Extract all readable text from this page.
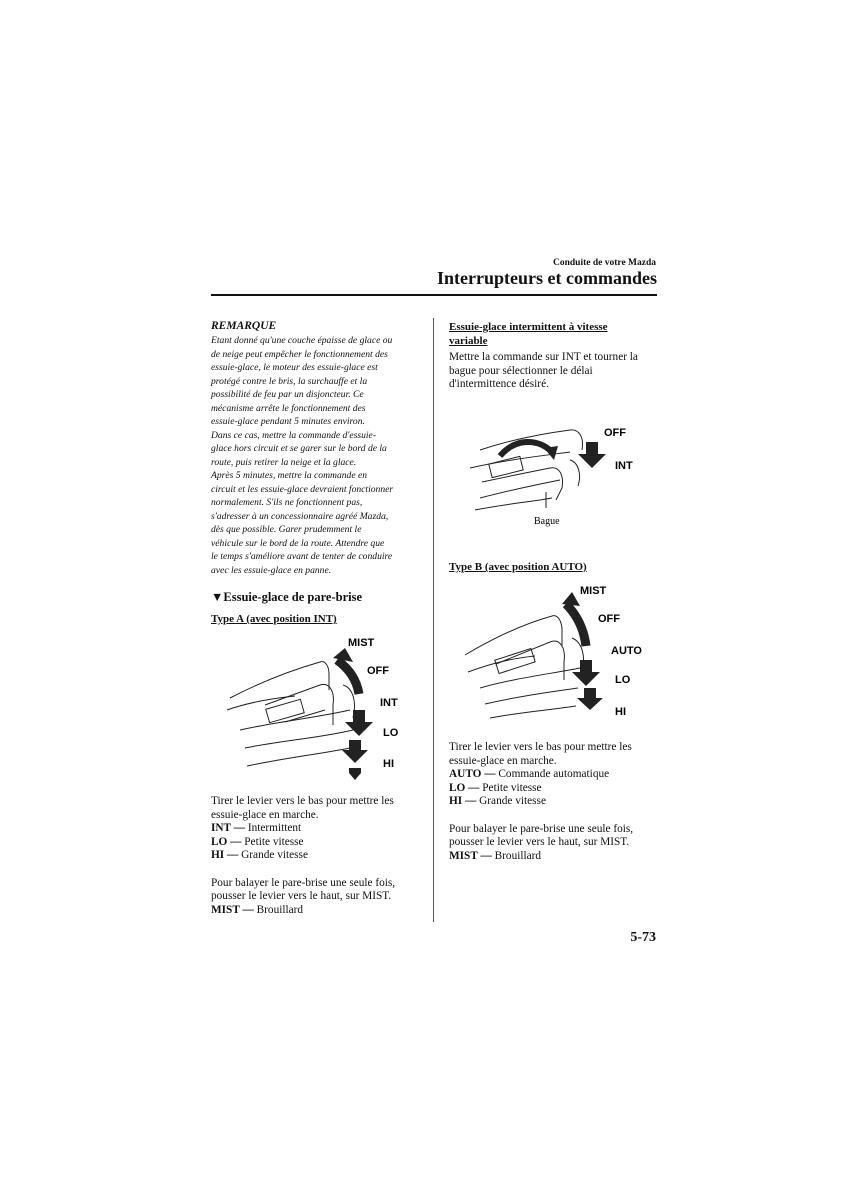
Conduite de votre Mazda
Interrupteurs et commandes
REMARQUE
Etant donné qu'une couche épaisse de glace ou
de neige peut empêcher le fonctionnement des
essuie-glace, le moteur des essuie-glace est
protégé contre le bris, la surchauffe et la
possibilité de feu par un disjoncteur. Ce
mécanisme arrête le fonctionnement des
essuie-glace pendant 5 minutes environ.
Dans ce cas, mettre la commande d'essuie-
glace hors circuit et se garer sur le bord de la
route, puis retirer la neige et la glace.
Après 5 minutes, mettre la commande en
circuit et les essuie-glace devraient fonctionner
normalement. S'ils ne fonctionnent pas,
s'adresser à un concessionnaire agréé Mazda,
dès que possible. Garer prudemment le
véhicule sur le bord de la route. Attendre que
le temps s'améliore avant de tenter de conduire
avec les essuie-glace en panne.
▼Essuie-glace de pare-brise
Type A (avec position INT)
MIST
OFF
INT
LO
HI

Tirer le levier vers le bas pour mettre les

essuie-glace en marche.

INT — Intermittent

LO — Petite vitesse

HI — Grande vitesse

Pour balayer le pare-brise une seule fois,

pousser le levier vers le haut, sur MIST.

MIST — Brouillard

Essuie-glace intermittent à vitesse
variable

Mettre la commande sur INT et tourner la

bague pour sélectionner le délai

d'intermittence désiré.

OFF
INT
Bague
Type B (avec position AUTO)
MIST
OFF
AUTO
LO
HI

Tirer le levier vers le bas pour mettre les

essuie-glace en marche.

AUTO — Commande automatique

LO — Petite vitesse

HI — Grande vitesse

Pour balayer le pare-brise une seule fois,

pousser le levier vers le haut, sur MIST.

MIST — Brouillard

5-73
